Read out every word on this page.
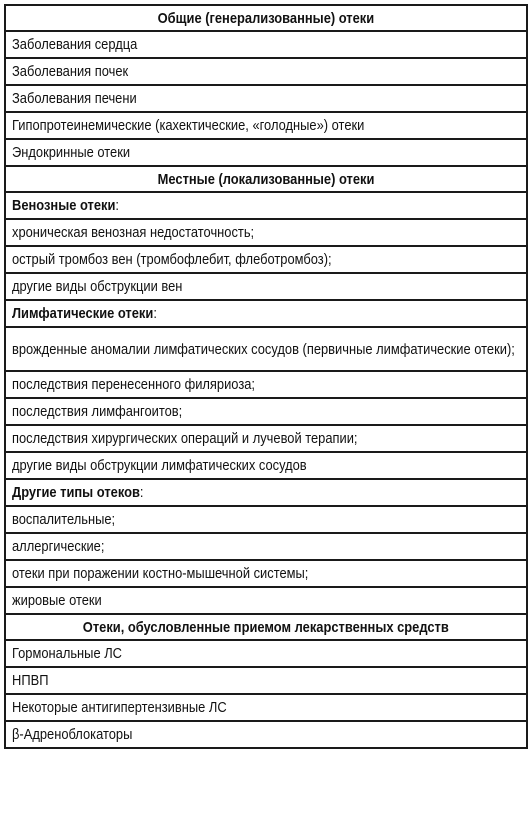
Общие (генерализованные) отеки
Заболевания сердца
Заболевания почек
Заболевания печени
Гипопротеинемические (кахектические, «голодные») отеки
Эндокринные отеки
Местные (локализованные) отеки
Венозные отеки:
хроническая венозная недостаточность;
острый тромбоз вен (тромбофлебит, флеботромбоз);
другие виды обструкции вен
Лимфатические отеки:
врожденные аномалии лимфатических сосудов (первичные лимфатические отеки);
последствия перенесенного филяриоза;
последствия лимфангоитов;
последствия хирургических операций и лучевой терапии;
другие виды обструкции лимфатических сосудов
Другие типы отеков:
воспалительные;
аллергические;
отеки при поражении костно-мышечной системы;
жировые отеки
Отеки, обусловленные приемом лекарственных средств
Гормональные ЛС
НПВП
Некоторые антигипертензивные ЛС
β-Адреноблокаторы
